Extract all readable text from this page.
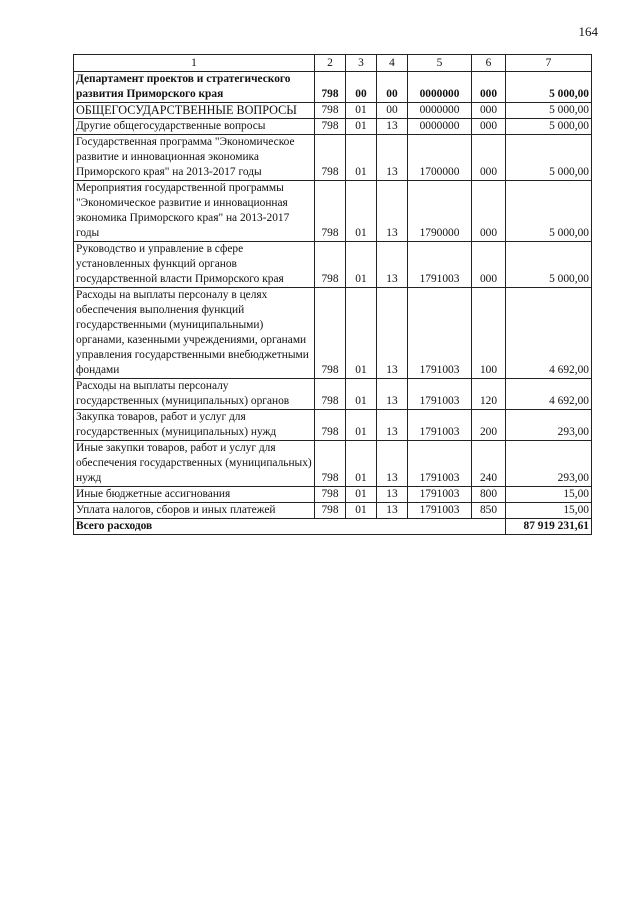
164
1	2	3	4	5	6	7
Департамент проектов и стратегического развития Приморского края	798	00	00	0000000	000	5 000,00
ОБЩЕГОСУДАРСТВЕННЫЕ ВОПРОСЫ	798	01	00	0000000	000	5 000,00
Другие общегосударственные вопросы	798	01	13	0000000	000	5 000,00
Государственная программа "Экономическое развитие и инновационная экономика Приморского края" на 2013-2017 годы	798	01	13	1700000	000	5 000,00
Мероприятия государственной программы "Экономическое развитие и инновационная экономика Приморского края" на 2013-2017 годы	798	01	13	1790000	000	5 000,00
Руководство и управление в сфере установленных функций органов государственной власти Приморского края	798	01	13	1791003	000	5 000,00
Расходы на выплаты персоналу в целях обеспечения выполнения функций государственными (муниципальными) органами, казенными учреждениями, органами управления государственными внебюджетными фондами	798	01	13	1791003	100	4 692,00
Расходы на выплаты персоналу государственных (муниципальных) органов	798	01	13	1791003	120	4 692,00
Закупка товаров, работ и услуг для государственных (муниципальных) нужд	798	01	13	1791003	200	293,00
Иные закупки товаров, работ и услуг для обеспечения государственных (муниципальных) нужд	798	01	13	1791003	240	293,00
Иные бюджетные ассигнования	798	01	13	1791003	800	15,00
Уплата налогов, сборов и иных платежей	798	01	13	1791003	850	15,00
Всего расходов						87 919 231,61
